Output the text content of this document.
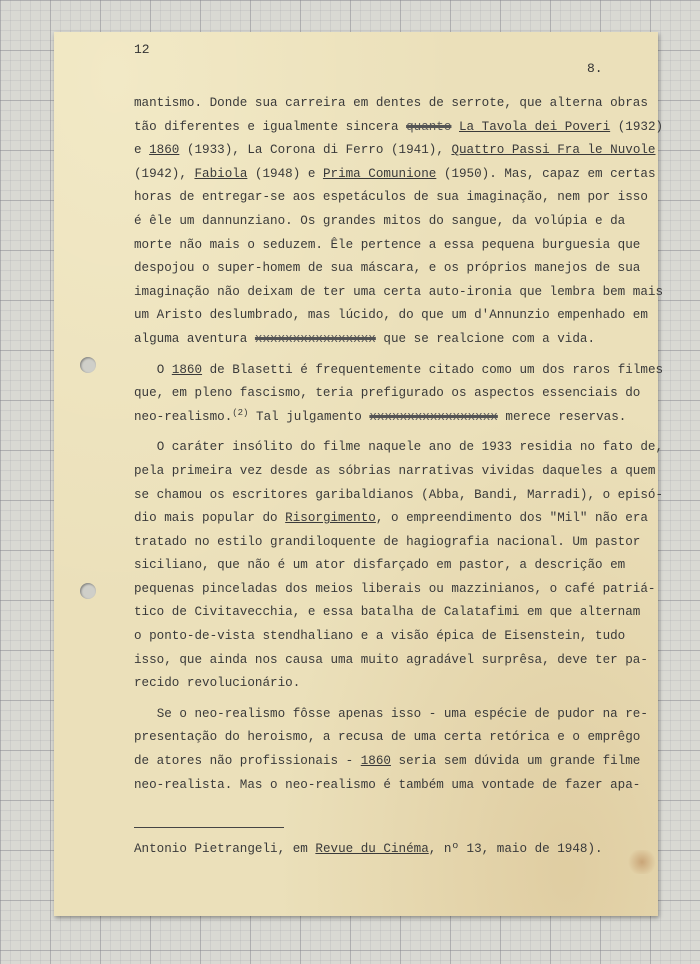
12
8.
mantismo. Donde sua carreira em dentes de serrote, que alterna obras
tão diferentes e igualmente sincera quanto La Tavola dei Poveri (1932)
e 1860 (1933), La Corona di Ferro (1941), Quattro Passi Fra le Nuvole
(1942), Fabiola (1948) e Prima Comunione (1950). Mas, capaz em certas
horas de entregar-se aos espetáculos de sua imaginação, nem por isso
é êle um dannunziano. Os grandes mitos do sangue, da volúpia e da
morte não mais o seduzem. Êle pertence a essa pequena burguesia que
despojou o super-homem de sua máscara, e os próprios manejos de sua
imaginação não deixam de ter uma certa auto-ironia que lembra bem mais
um Aristo deslumbrado, mas lúcido, do que um d'Annunzio empenhado em
alguma aventura xxxxxxxxxxxxxxxx que se realcione com a vida.
O 1860 de Blasetti é frequentemente citado como um dos raros filmes
que, em pleno fascismo, teria prefigurado os aspectos essenciais do
neo-realismo.$^{(2)}$ Tal julgamento xxxxxxxxxxxxxxxxx merece reservas.
O caráter insólito do filme naquele ano de 1933 residia no fato de,
pela primeira vez desde as sóbrias narrativas vividas daqueles a quem
se chamou os escritores garibaldianos (Abba, Bandi, Marradi), o episó-
dio mais popular do Risorgimento, o empreendimento dos "Mil" não era
tratado no estilo grandiloquente de hagiografia nacional. Um pastor
siciliano, que não é um ator disfarçado em pastor, a descrição em
pequenas pinceladas dos meios liberais ou mazzinianos, o café patriá-
tico de Civitavecchia, e essa batalha de Calatafimi em que alternam
o ponto-de-vista stendhaliano e a visão épica de Eisenstein, tudo
isso, que ainda nos causa uma muito agradável surprêsa, deve ter pa-
recido revolucionário.
Se o neo-realismo fôsse apenas isso - uma espécie de pudor na re-
presentação do heroismo, a recusa de uma certa retórica e o emprêgo
de atores não profissionais - 1860 seria sem dúvida um grande filme
neo-realista. Mas o neo-realismo é também uma vontade de fazer apa-
Antonio Pietrangeli, em Revue du Cinéma, nº 13, maio de 1948).
